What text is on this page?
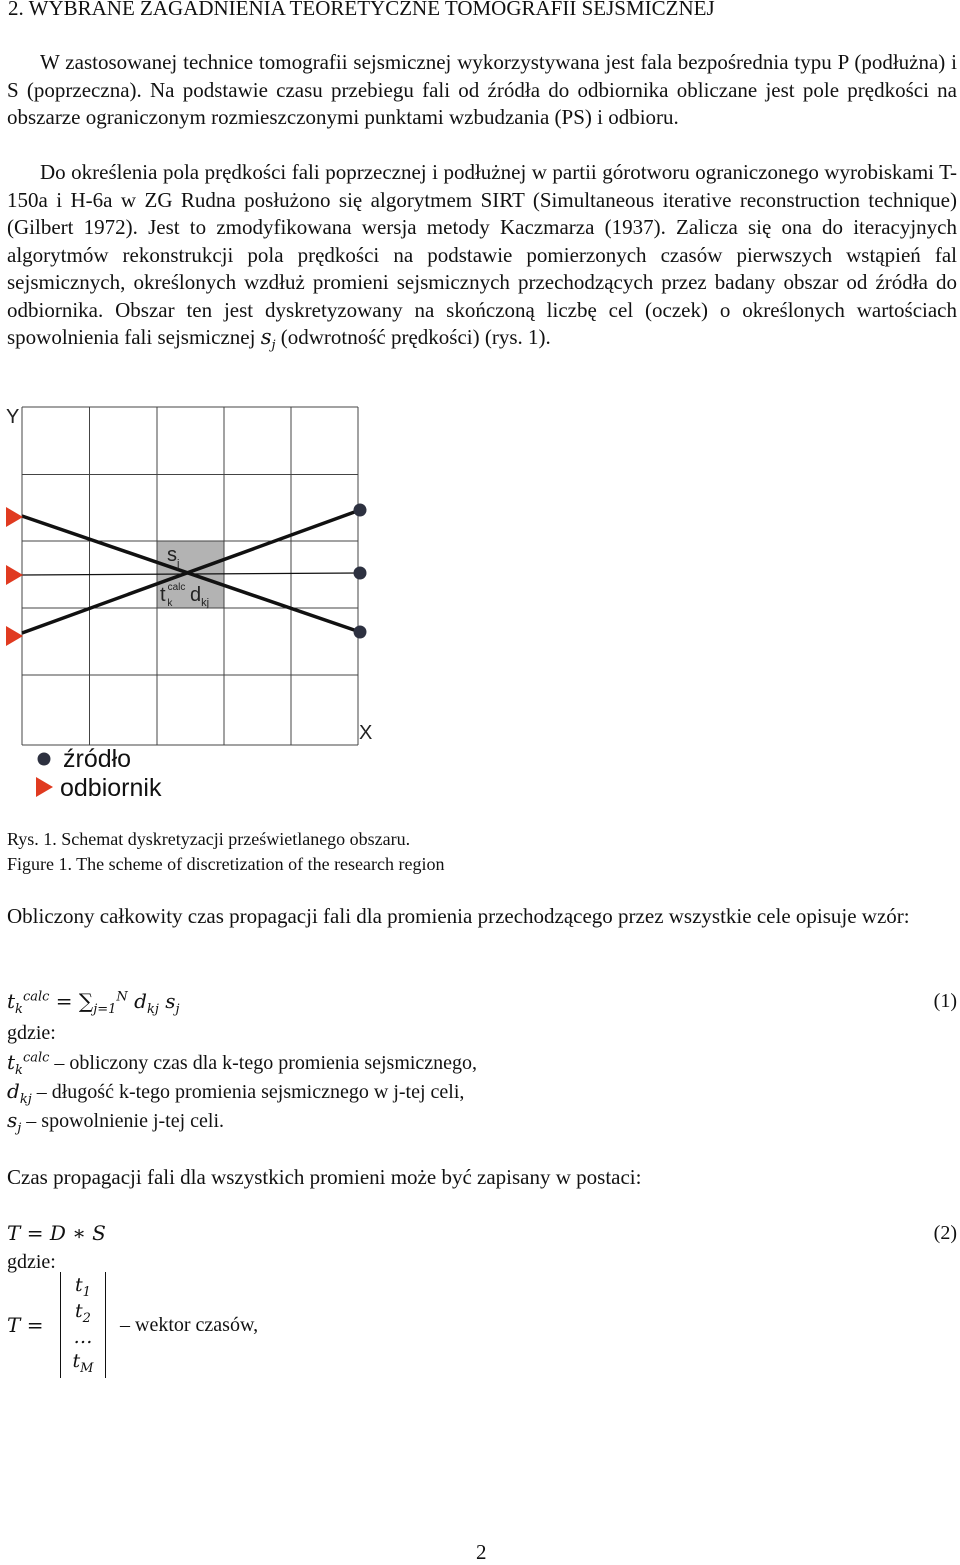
2. WYBRANE ZAGADNIENIA TEORETYCZNE TOMOGRAFII SEJSMICZNEJ

W zastosowanej technice tomografii sejsmicznej wykorzystywana jest fala bezpośrednia typu P (podłużna) i S (poprzeczna). Na podstawie czasu przebiegu fali od źródła do odbiornika obliczane jest pole prędkości na obszarze ograniczonym rozmieszczonymi punktami wzbudzania (PS) i odbioru.

Do określenia pola prędkości fali poprzecznej i podłużnej w partii górotworu ograniczonego wyrobiskami T-150a i H-6a w ZG Rudna posłużono się algorytmem SIRT (Simultaneous iterative reconstruction technique) (Gilbert 1972). Jest to zmodyfikowana wersja metody Kaczmarza (1937). Zalicza się ona do iteracyjnych algorytmów rekonstrukcji pola prędkości na podstawie pomierzonych czasów pierwszych wstąpień fal sejsmicznych, określonych wzdłuż promieni sejsmicznych przechodzących przez badany obszar od źródła do odbiornika. Obszar ten jest dyskretyzowany na skończoną liczbę cel (oczek) o określonych wartościach spowolnienia fali sejsmicznej $s_j$ (odwrotność prędkości) (rys. 1).

Y
X
$s_j$
t $^{calc}$ k $d_{kj}$
źródło
odbiornik
Rys. 1. Schemat dyskretyzacji prześwietlanego obszaru.
Figure 1. The scheme of discretization of the research region

Obliczony całkowity czas propagacji fali dla promienia przechodzącego przez wszystkie cele opisuje wzór:

$t_k^{calc} = \sum_{j=1}^N$ $d_{kj}$ $s_j$	(1)
gdzie:
$t_k^{calc}$ – obliczony czas dla k-tego promienia sejsmicznego,
$d_{kj}$ – długość k-tego promienia sejsmicznego w j-tej celi,
$s_j$ – spowolnienie j-tej celi.

Czas propagacji fali dla wszystkich promieni może być zapisany w postaci:

T = D ∗ S	(2)
gdzie:
T =
$t_1$
$t_2$
…
$t_M$
– wektor czasów,
2
